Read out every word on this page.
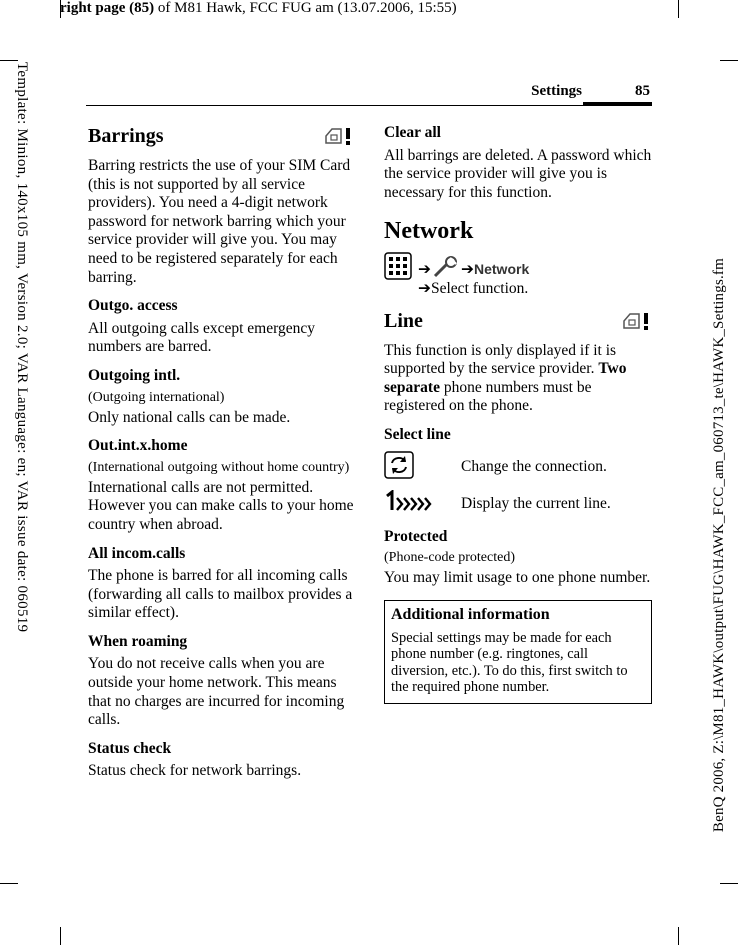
right page (85) of M81 Hawk, FCC FUG am (13.07.2006, 15:55)
Template: Minion, 140x105 mm, Version 2.0; VAR Language: en; VAR issue date: 060519	BenQ 2006, Z:\M81_HAWK\output\FUG\HAWK_FCC_am_060713_te\HAWK_Settings.fm
Settings	85
Barrings

Barring restricts the use of your SIM Card (this is not supported by all service providers). You need a 4-digit network password for network barring which your service provider will give you. You may need to be registered separately for each barring.

Outgo. access

All outgoing calls except emergency numbers are barred.

Outgoing intl.
(Outgoing international)

Only national calls can be made.

Out.int.x.home
(International outgoing without home country)

International calls are not permitted. However you can make calls to your home country when abroad.

All incom.calls

The phone is barred for all incoming calls (forwarding all calls to mailbox provides a similar effect).

When roaming

You do not receive calls when you are outside your home network. This means that no charges are incurred for incoming calls.

Status check

Status check for network barrings.

Clear all

All barrings are deleted. A password which the service provider will give you is necessary for this function.

Network
➔ ➔Network
➔Select function.
Line

This function is only displayed if it is supported by the service provider. Two separate phone numbers must be registered on the phone.

Select line
Change the connection.
Display the current line.
Protected
(Phone-code protected)

You may limit usage to one phone number.

Additional information
Special settings may be made for each phone number (e.g. ringtones, call diversion, etc.). To do this, first switch to the required phone number.
